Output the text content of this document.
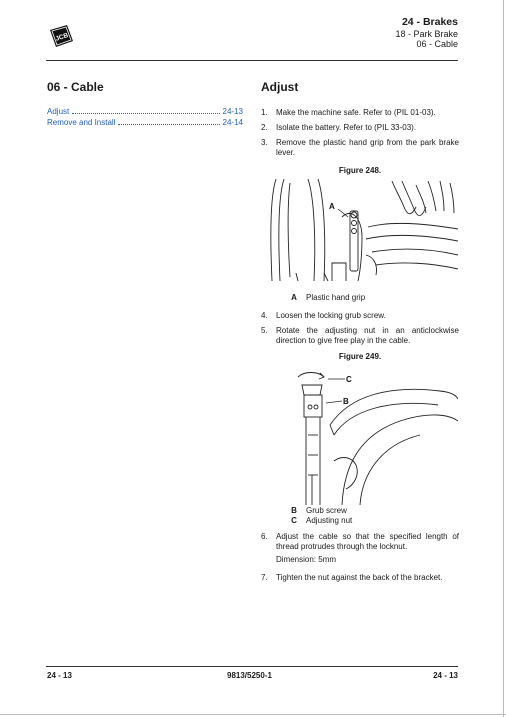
JCB
24 - Brakes
18 - Park Brake
06 - Cable
06 - Cable
Adjust	24-13
Remove and Install	24-14
Adjust
1.	Make the machine safe. Refer to (PIL 01-03).
2.	Isolate the battery. Refer to (PIL 33-03).
3.	Remove the plastic hand grip from the park brake lever.
Figure 248.
A
A Plastic hand grip
4.	Loosen the locking grub screw.
5.	Rotate the adjusting nut in an anticlockwise direction to give free play in the cable.
Figure 249.
C
B
B Grub screw
C Adjusting nut
6.	Adjust the cable so that the specified length of thread protrudes through the locknut.
Dimension: 5mm
7.	Tighten the nut against the back of the bracket.
24 - 13	9813/5250-1	24 - 13
